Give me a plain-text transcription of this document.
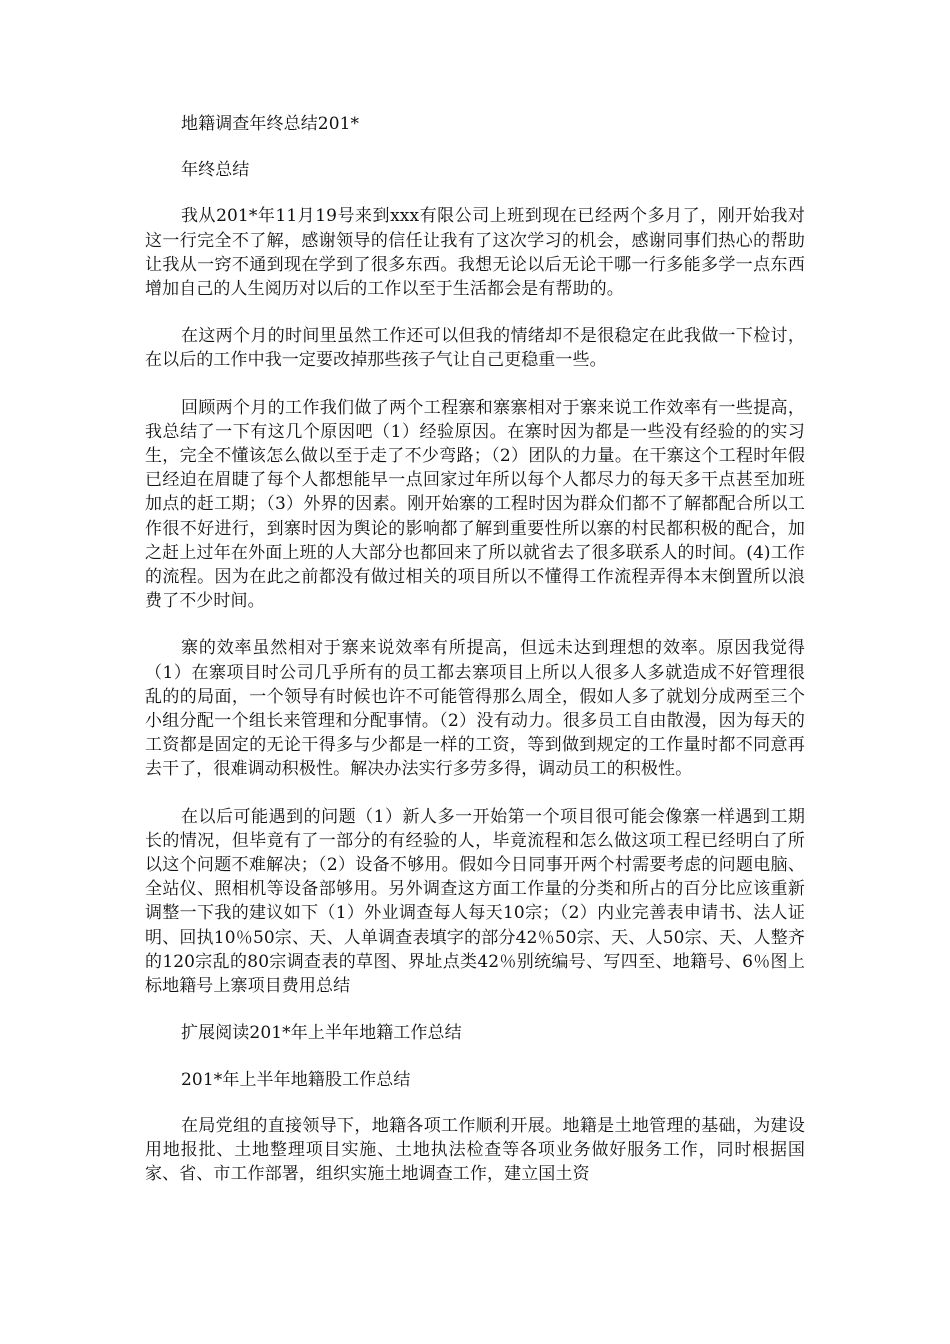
地籍调查年终总结201*

年终总结

我从201*年11月19号来到xxx有限公司上班到现在已经两个多月了，刚开始我对这一行完全不了解，感谢领导的信任让我有了这次学习的机会，感谢同事们热心的帮助让我从一窍不通到现在学到了很多东西。我想无论以后无论干哪一行多能多学一点东西增加自己的人生阅历对以后的工作以至于生活都会是有帮助的。

在这两个月的时间里虽然工作还可以但我的情绪却不是很稳定在此我做一下检讨，在以后的工作中我一定要改掉那些孩子气让自己更稳重一些。

回顾两个月的工作我们做了两个工程寨和寨寨相对于寨来说工作效率有一些提高，我总结了一下有这几个原因吧（1）经验原因。在寨时因为都是一些没有经验的的实习生，完全不懂该怎么做以至于走了不少弯路；（2）团队的力量。在干寨这个工程时年假已经迫在眉睫了每个人都想能早一点回家过年所以每个人都尽力的每天多干点甚至加班加点的赶工期；（3）外界的因素。刚开始寨的工程时因为群众们都不了解都配合所以工作很不好进行，到寨时因为舆论的影响都了解到重要性所以寨的村民都积极的配合，加之赶上过年在外面上班的人大部分也都回来了所以就省去了很多联系人的时间。(4)工作的流程。因为在此之前都没有做过相关的项目所以不懂得工作流程弄得本末倒置所以浪费了不少时间。

寨的效率虽然相对于寨来说效率有所提高，但远未达到理想的效率。原因我觉得（1）在寨项目时公司几乎所有的员工都去寨项目上所以人很多人多就造成不好管理很乱的的局面，一个领导有时候也许不可能管得那么周全，假如人多了就划分成两至三个小组分配一个组长来管理和分配事情。（2）没有动力。很多员工自由散漫，因为每天的工资都是固定的无论干得多与少都是一样的工资，等到做到规定的工作量时都不同意再去干了，很难调动积极性。解决办法实行多劳多得，调动员工的积极性。

在以后可能遇到的问题（1）新人多一开始第一个项目很可能会像寨一样遇到工期长的情况，但毕竟有了一部分的有经验的人，毕竟流程和怎么做这项工程已经明白了所以这个问题不难解决；（2）设备不够用。假如今日同事开两个村需要考虑的问题电脑、全站仪、照相机等设备部够用。另外调查这方面工作量的分类和所占的百分比应该重新调整一下我的建议如下（1）外业调查每人每天10宗；（2）内业完善表申请书、法人证明、回执10％50宗、天、人单调查表填字的部分42％50宗、天、人50宗、天、人整齐的120宗乱的80宗调查表的草图、界址点类42％别统编号、写四至、地籍号、6％图上标地籍号上寨项目费用总结

扩展阅读201*年上半年地籍工作总结

201*年上半年地籍股工作总结

在局党组的直接领导下，地籍各项工作顺利开展。地籍是土地管理的基础，为建设用地报批、土地整理项目实施、土地执法检查等各项业务做好服务工作，同时根据国家、省、市工作部署，组织实施土地调查工作，建立国土资
